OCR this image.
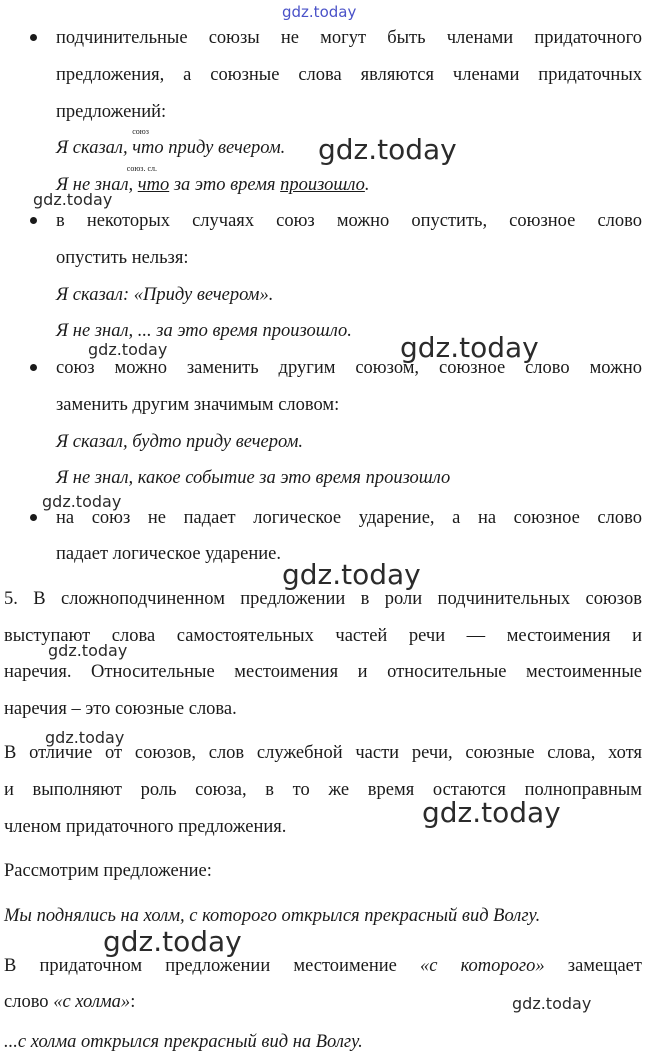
gdz.today
gdz.today
gdz.today
gdz.today
gdz.today
gdz.today
gdz.today
gdz.today
gdz.today
gdz.today
gdz.today
gdz.today
подчинительные союзы не могут быть членами придаточного
предложения, а союзные слова являются членами придаточных
предложений:
Я сказал,
союз
что приду вечером.
Я не знал,
союз. сл.
что за это время произошло.
в некоторых случаях союз можно опустить, союзное слово
опустить нельзя:
Я сказал: «Приду вечером».
Я не знал, ... за это время произошло.
союз можно заменить другим союзом, союзное слово можно
заменить другим значимым словом:
Я сказал, будто приду вечером.
Я не знал, какое событие за это время произошло
на союз не падает логическое ударение, а на союзное слово
падает логическое ударение.
5. В сложноподчиненном предложении в роли подчинительных союзов
выступают слова самостоятельных частей речи — местоимения и
наречия. Относительные местоимения и относительные местоименные
наречия – это союзные слова.
В отличие от союзов, слов служебной части речи, союзные слова, хотя
и выполняют роль союза, в то же время остаются полноправным
членом придаточного предложения.
Рассмотрим предложение:
Мы поднялись на холм, с которого открылся прекрасный вид Волгу.
В придаточном предложении местоимение «с которого» замещает
слово «с холма»:
...с холма открылся прекрасный вид на Волгу.
